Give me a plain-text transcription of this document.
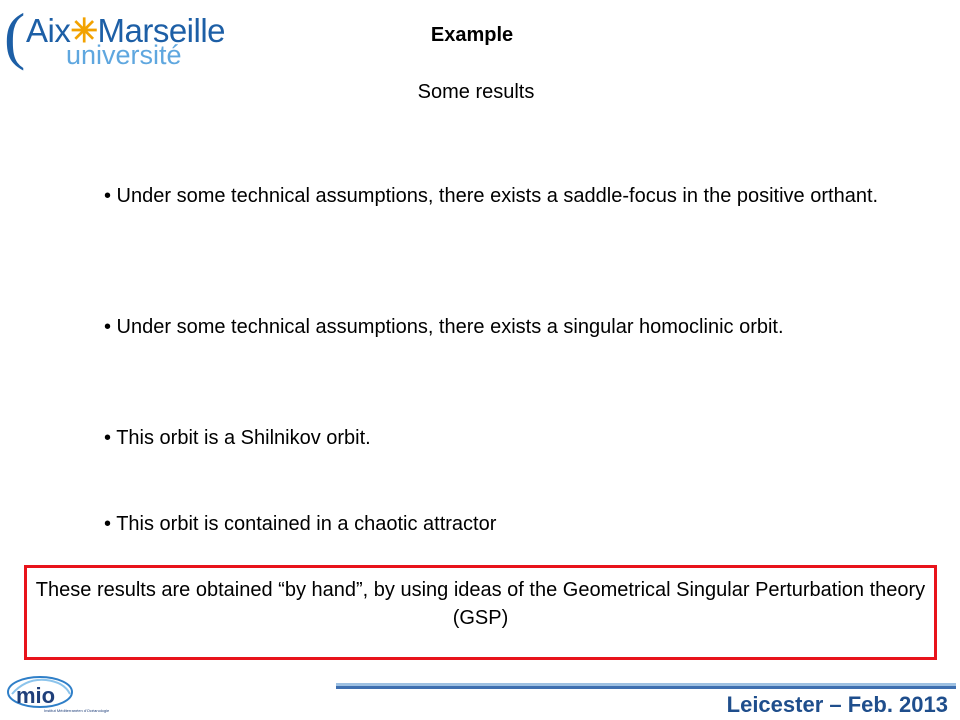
( Aix✳Marseille
université
Example
Some results
• Under some technical assumptions, there exists a saddle-focus in the positive orthant.
• Under some technical assumptions, there exists a singular homoclinic orbit.
• This orbit is a Shilnikov orbit.
• This orbit is contained in a chaotic attractor
These results are obtained “by hand”, by using ideas of the Geometrical Singular Perturbation theory (GSP)
mio
Institut Méditerranéen d'Océanologie	Leicester – Feb. 2013
